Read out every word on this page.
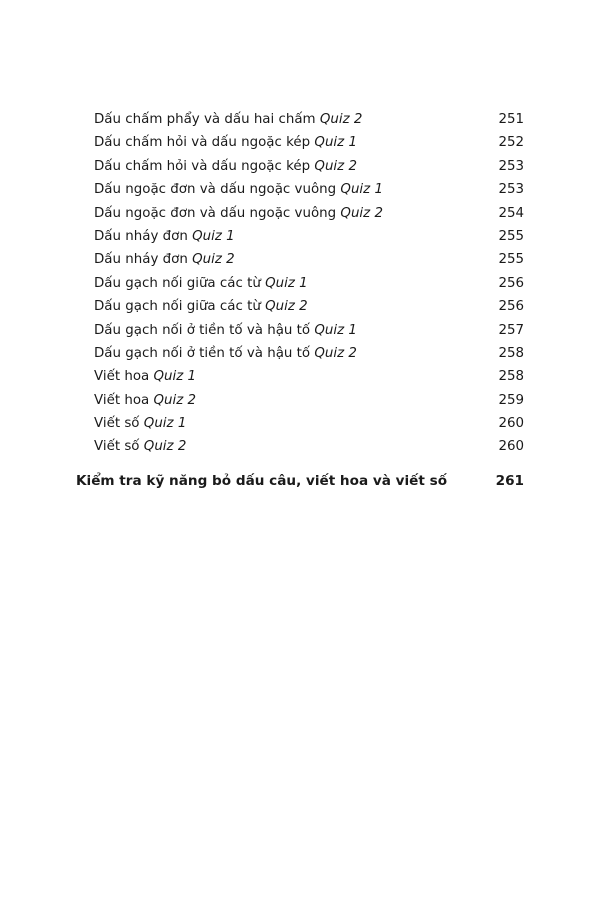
Dấu chấm phẩy và dấu hai chấm Quiz 2	251
Dấu chấm hỏi và dấu ngoặc kép Quiz 1	252
Dấu chấm hỏi và dấu ngoặc kép Quiz 2	253
Dấu ngoặc đơn và dấu ngoặc vuông Quiz 1	253
Dấu ngoặc đơn và dấu ngoặc vuông Quiz 2	254
Dấu nháy đơn Quiz 1	255
Dấu nháy đơn Quiz 2	255
Dấu gạch nối giữa các từ Quiz 1	256
Dấu gạch nối giữa các từ Quiz 2	256
Dấu gạch nối ở tiền tố và hậu tố Quiz 1	257
Dấu gạch nối ở tiền tố và hậu tố Quiz 2	258
Viết hoa Quiz 1	258
Viết hoa Quiz 2	259
Viết số Quiz 1	260
Viết số Quiz 2	260
Kiểm tra kỹ năng bỏ dấu câu, viết hoa và viết số	261
